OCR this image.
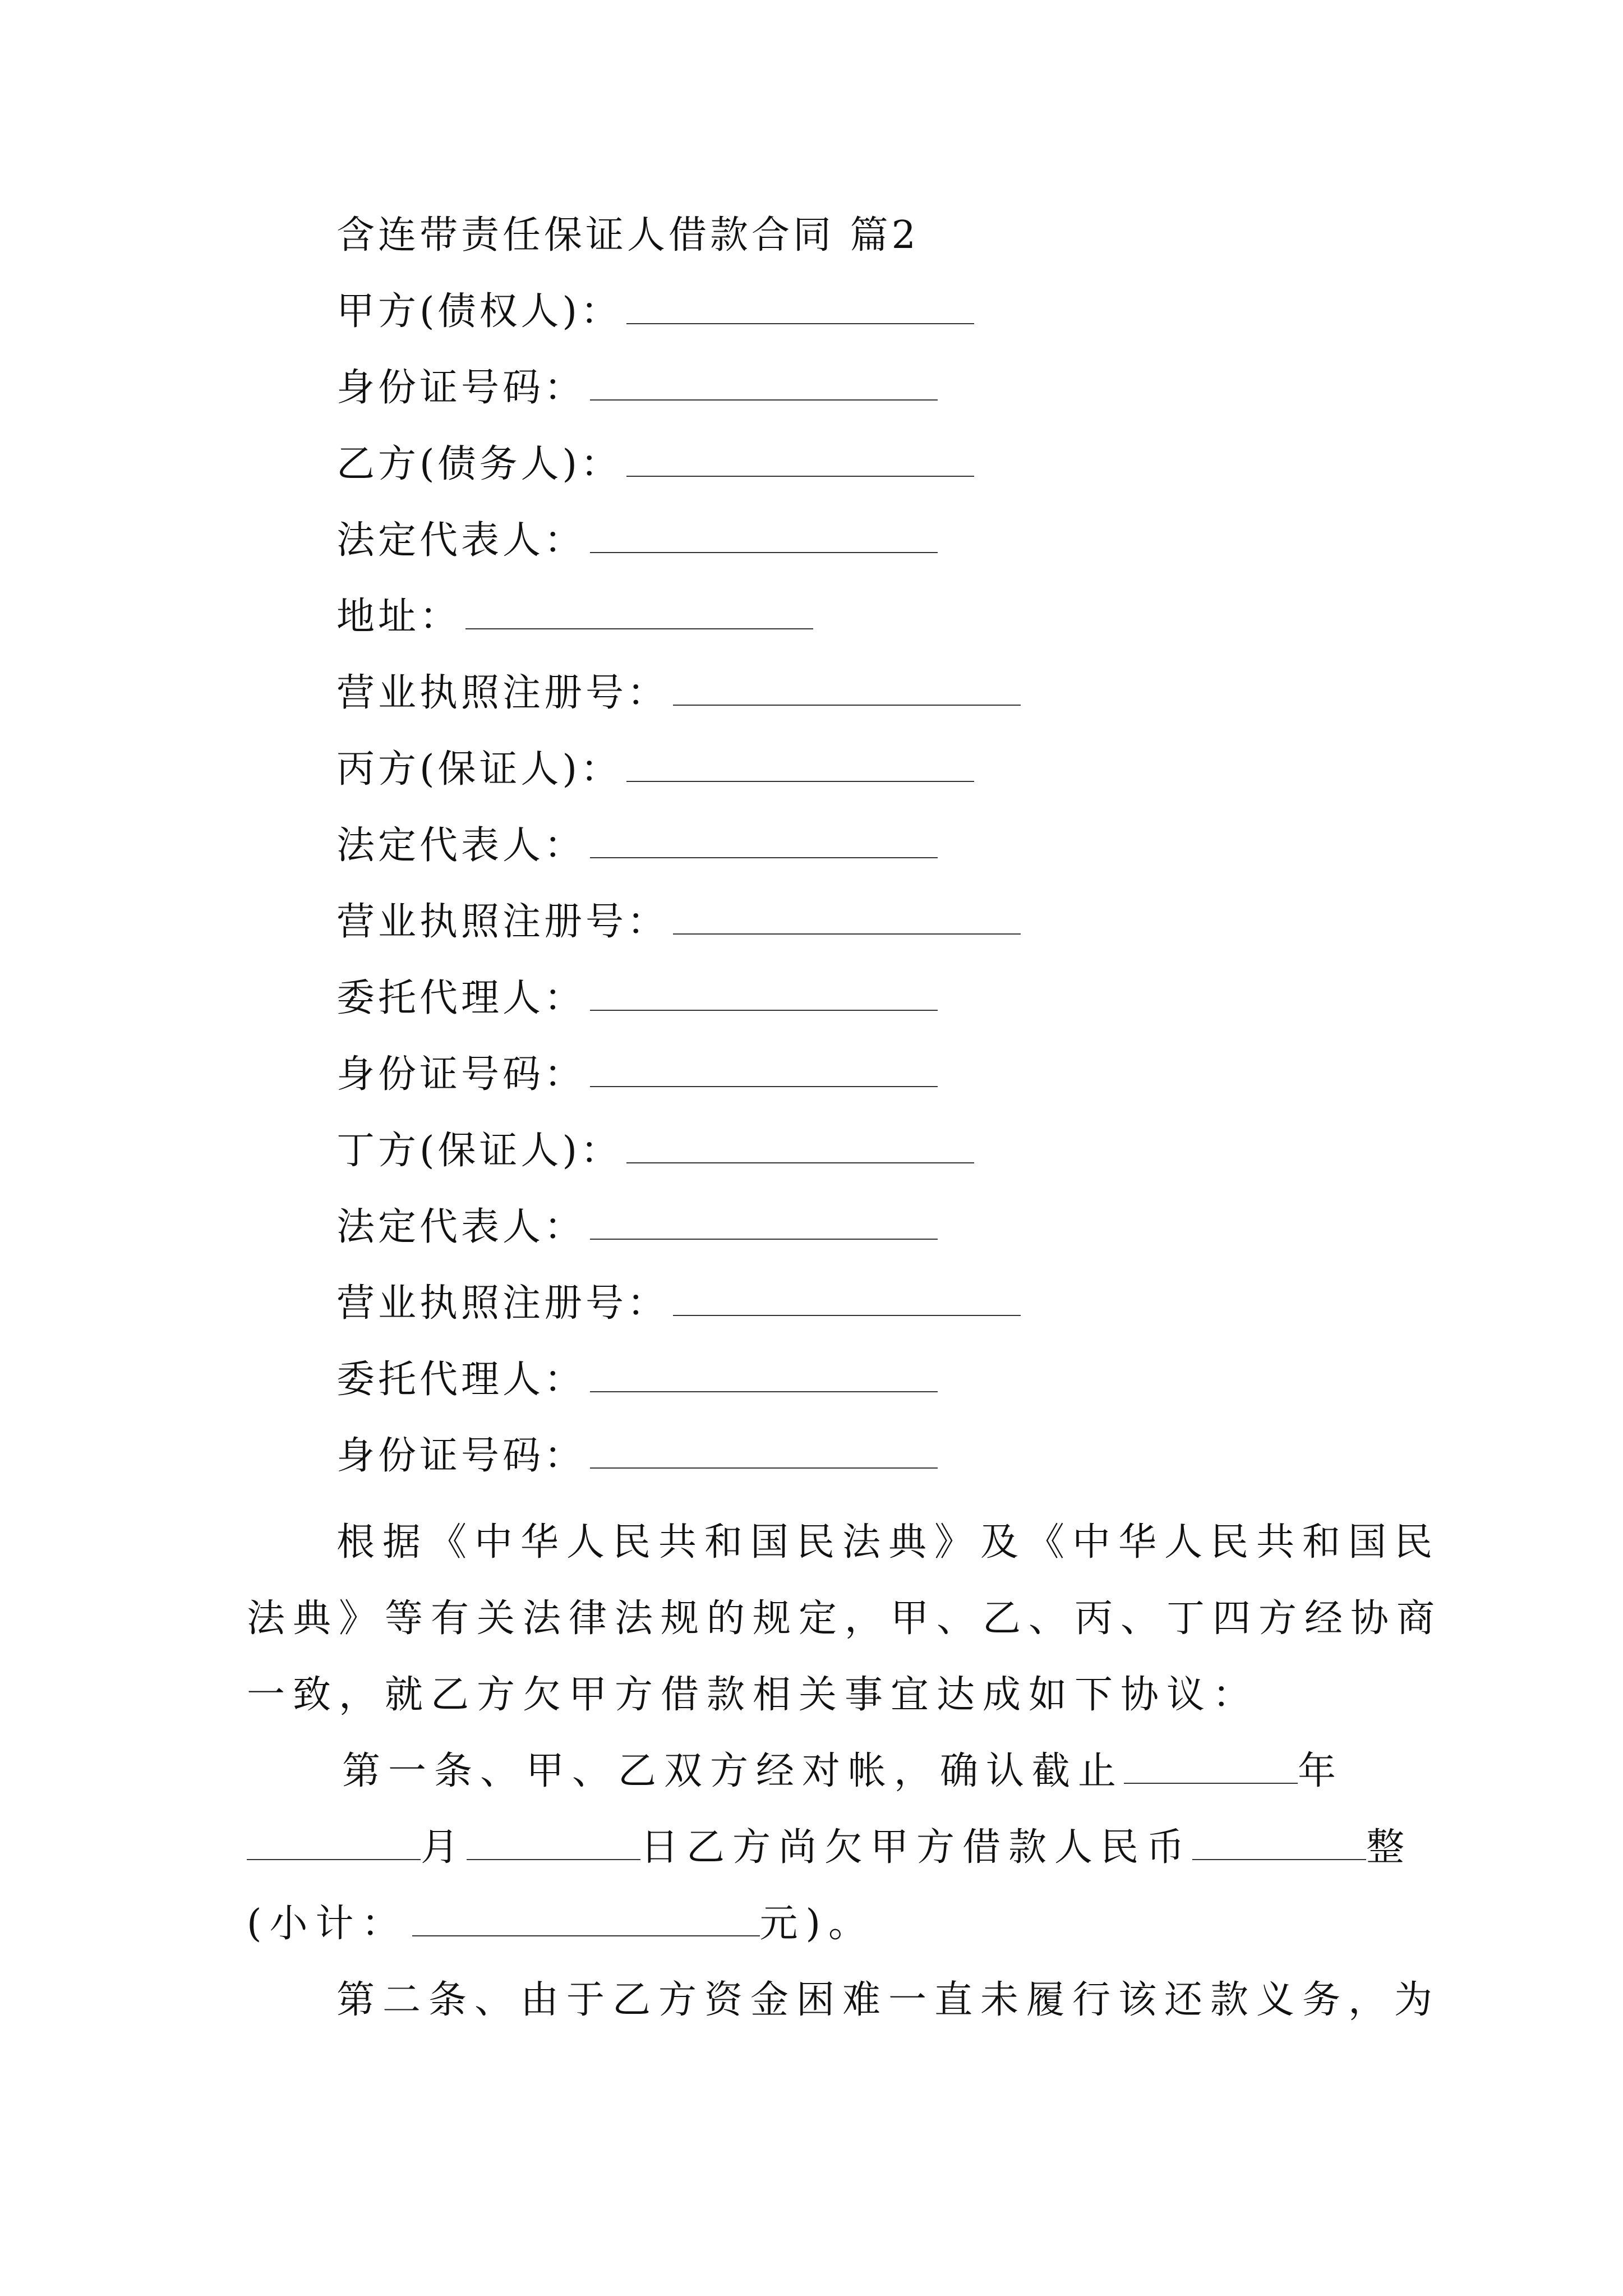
含连带责任保证人借款合同 篇2
甲方(债权人)：
身份证号码：
乙方(债务人)：
法定代表人：
地址：
营业执照注册号：
丙方(保证人)：
法定代表人：
营业执照注册号：
委托代理人：
身份证号码：
丁方(保证人)：
法定代表人：
营业执照注册号：
委托代理人：
身份证号码：
根据《中华人民共和国民法典》及《中华人民共和国民
法典》等有关法律法规的规定，甲、乙、丙、丁四方经协商
一致，就乙方欠甲方借款相关事宜达成如下协议：
第一条、甲、乙双方经对帐，确认截止	年
月	日乙方尚欠甲方借款人民币	整
(小计：	元)。
第二条、由于乙方资金困难一直未履行该还款义务，为
